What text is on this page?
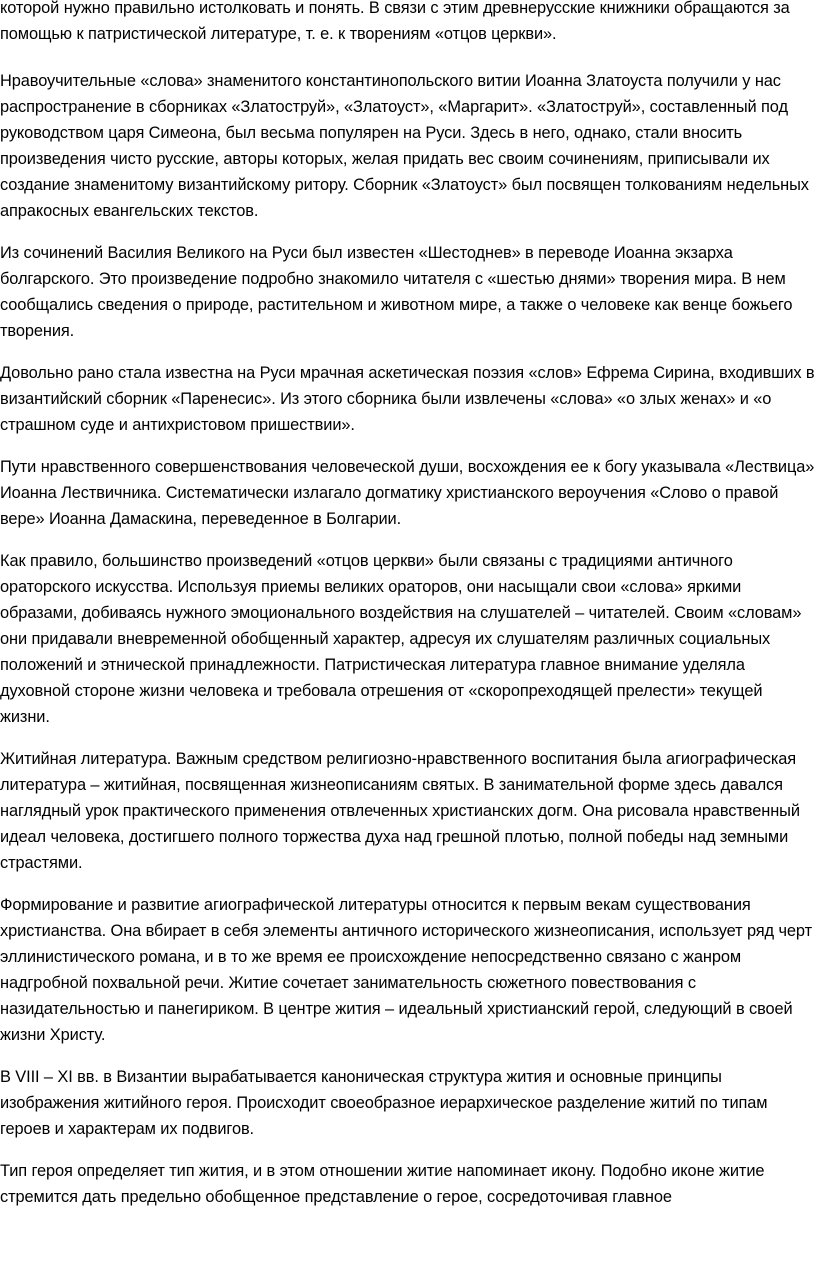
которой нужно правильно истолковать и понять. В связи с этим древнерусские книжники обращаются за помощью к патристической литературе, т. е. к творениям «отцов церкви».

Нравоучительные «слова» знаменитого константинопольского витии Иоанна Златоуста получили у нас распространение в сборниках «Златоструй», «Златоуст», «Маргарит». «Златоструй», составленный под руководством царя Симеона, был весьма популярен на Руси. Здесь в него, однако, стали вносить произведения чисто русские, авторы которых, желая придать вес своим сочинениям, приписывали их создание знаменитому византийскому ритору. Сборник «Златоуст» был посвящен толкованиям недельных апракосных евангельских текстов.

Из сочинений Василия Великого на Руси был известен «Шестоднев» в переводе Иоанна экзарха болгарского. Это произведение подробно знакомило читателя с «шестью днями» творения мира. В нем сообщались сведения о природе, растительном и животном мире, а также о человеке как венце божьего творения.

Довольно рано стала известна на Руси мрачная аскетическая поэзия «слов» Ефрема Сирина, входивших в византийский сборник «Паренесис». Из этого сборника были извлечены «слова» «о злых женах» и «о страшном суде и антихристовом пришествии».

Пути нравственного совершенствования человеческой души, восхождения ее к богу указывала «Лествица» Иоанна Лествичника. Систематически излагало догматику христианского вероучения «Слово о правой вере» Иоанна Дамаскина, переведенное в Болгарии.

Как правило, большинство произведений «отцов церкви» были связаны с традициями античного ораторского искусства. Используя приемы великих ораторов, они насыщали свои «слова» яркими образами, добиваясь нужного эмоционального воздействия на слушателей – читателей. Своим «словам» они придавали вневременной обобщенный характер, адресуя их слушателям различных социальных положений и этнической принадлежности. Патристическая литература главное внимание уделяла духовной стороне жизни человека и требовала отрешения от «скоропреходящей прелести» текущей жизни.

Житийная литература. Важным средством религиозно-нравственного воспитания была агиографическая литература – житийная, посвященная жизнеописаниям святых. В занимательной форме здесь давался наглядный урок практического применения отвлеченных христианских догм. Она рисовала нравственный идеал человека, достигшего полного торжества духа над грешной плотью, полной победы над земными страстями.

Формирование и развитие агиографической литературы относится к первым векам существования христианства. Она вбирает в себя элементы античного исторического жизнеописания, использует ряд черт эллинистического романа, и в то же время ее происхождение непосредственно связано с жанром надгробной похвальной речи. Житие сочетает занимательность сюжетного повествования с назидательностью и панегириком. В центре жития – идеальный христианский герой, следующий в своей жизни Христу.

В VIII – XI вв. в Византии вырабатывается каноническая структура жития и основные принципы изображения житийного героя. Происходит своеобразное иерархическое разделение житий по типам героев и характерам их подвигов.

Тип героя определяет тип жития, и в этом отношении житие напоминает икону. Подобно иконе житие стремится дать предельно обобщенное представление о герое, сосредоточивая главное
